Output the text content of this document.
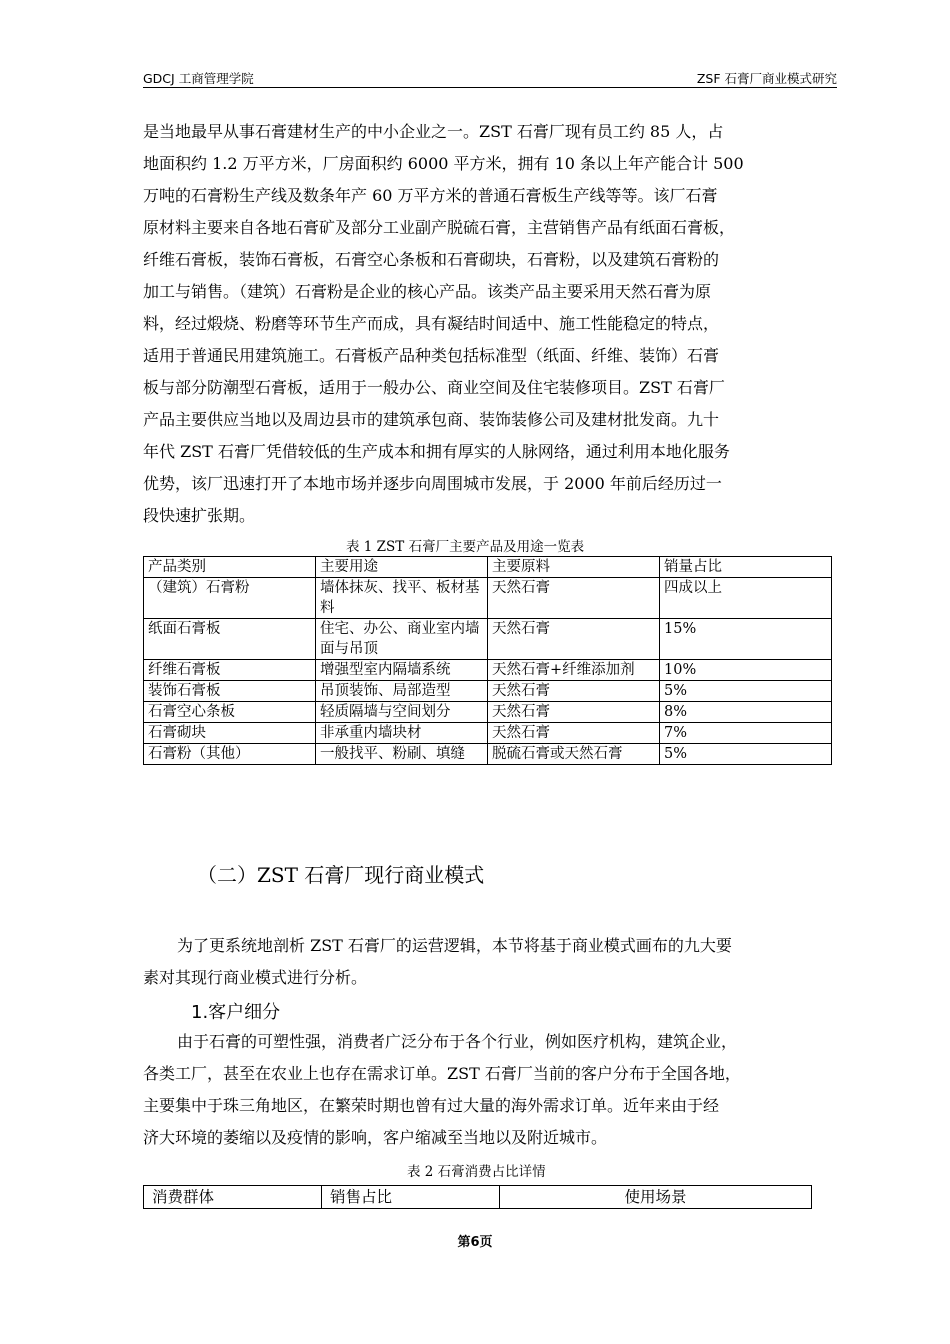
GDCJ 工商管理学院	ZSF 石膏厂商业模式研究

是当地最早从事石膏建材生产的中小企业之一。ZST 石膏厂现有员工约 85 人，占
地面积约 1.2 万平方米，厂房面积约 6000 平方米，拥有 10 条以上年产能合计 500
万吨的石膏粉生产线及数条年产 60 万平方米的普通石膏板生产线等等。该厂石膏
原材料主要来自各地石膏矿及部分工业副产脱硫石膏，主营销售产品有纸面石膏板，
纤维石膏板，装饰石膏板，石膏空心条板和石膏砌块，石膏粉，以及建筑石膏粉的
加工与销售。（建筑）石膏粉是企业的核心产品。该类产品主要采用天然石膏为原
料，经过煅烧、粉磨等环节生产而成，具有凝结时间适中、施工性能稳定的特点，
适用于普通民用建筑施工。石膏板产品种类包括标准型（纸面、纤维、装饰）石膏
板与部分防潮型石膏板，适用于一般办公、商业空间及住宅装修项目。ZST 石膏厂
产品主要供应当地以及周边县市的建筑承包商、装饰装修公司及建材批发商。九十
年代 ZST 石膏厂凭借较低的生产成本和拥有厚实的人脉网络，通过利用本地化服务
优势，该厂迅速打开了本地市场并逐步向周围城市发展，于 2000 年前后经历过一
段快速扩张期。

表 1 ZST 石膏厂主要产品及用途一览表
产品类别	主要用途	主要原料	销量占比
（建筑）石膏粉	墙体抹灰、找平、板材基料	天然石膏	四成以上
纸面石膏板	住宅、办公、商业室内墙面与吊顶	天然石膏	15%
纤维石膏板	增强型室内隔墙系统	天然石膏+纤维添加剂	10%
装饰石膏板	吊顶装饰、局部造型	天然石膏	5%
石膏空心条板	轻质隔墙与空间划分	天然石膏	8%
石膏砌块	非承重内墙块材	天然石膏	7%
石膏粉（其他）	一般找平、粉刷、填缝	脱硫石膏或天然石膏	5%
（二）ZST 石膏厂现行商业模式

为了更系统地剖析 ZST 石膏厂的运营逻辑，本节将基于商业模式画布的九大要
素对其现行商业模式进行分析。

1.客户细分

由于石膏的可塑性强，消费者广泛分布于各个行业，例如医疗机构，建筑企业，
各类工厂，甚至在农业上也存在需求订单。ZST 石膏厂当前的客户分布于全国各地，
主要集中于珠三角地区，在繁荣时期也曾有过大量的海外需求订单。近年来由于经
济大环境的萎缩以及疫情的影响，客户缩减至当地以及附近城市。

表 2 石膏消费占比详情
消费群体	销售占比	使用场景
第6页
